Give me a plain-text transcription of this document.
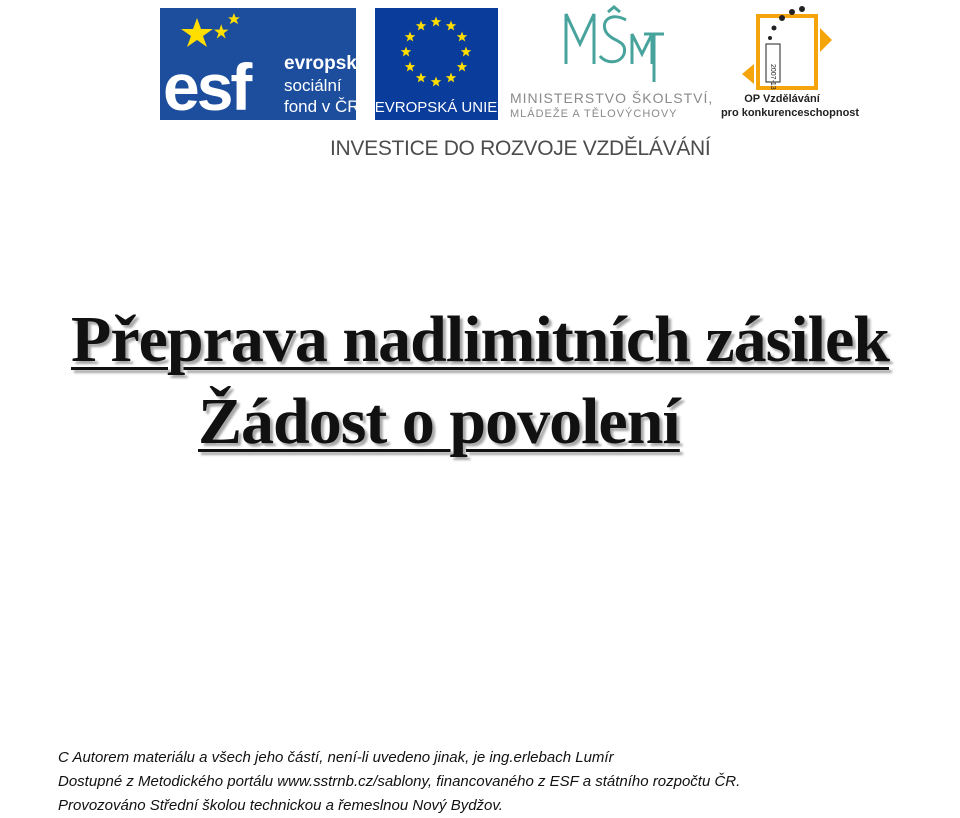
esf evropský
sociální
fond v ČR EVROPSKÁ UNIE
MINISTERSTVO ŠKOLSTVÍ,
MLÁDEŽE A TĚLOVÝCHOVY
2007-13
OP Vzdělávání
pro konkurenceschopnost
INVESTICE DO ROZVOJE VZDĚLÁVÁNÍ
Přeprava nadlimitních zásilek
Žádost o povolení
C Autorem materiálu a všech jeho částí, není-li uvedeno jinak, je ing.erlebach Lumír
Dostupné z Metodického portálu www.sstrnb.cz/sablony, financovaného z ESF a státního rozpočtu ČR.
Provozováno Střední školou technickou a řemeslnou Nový Bydžov.
